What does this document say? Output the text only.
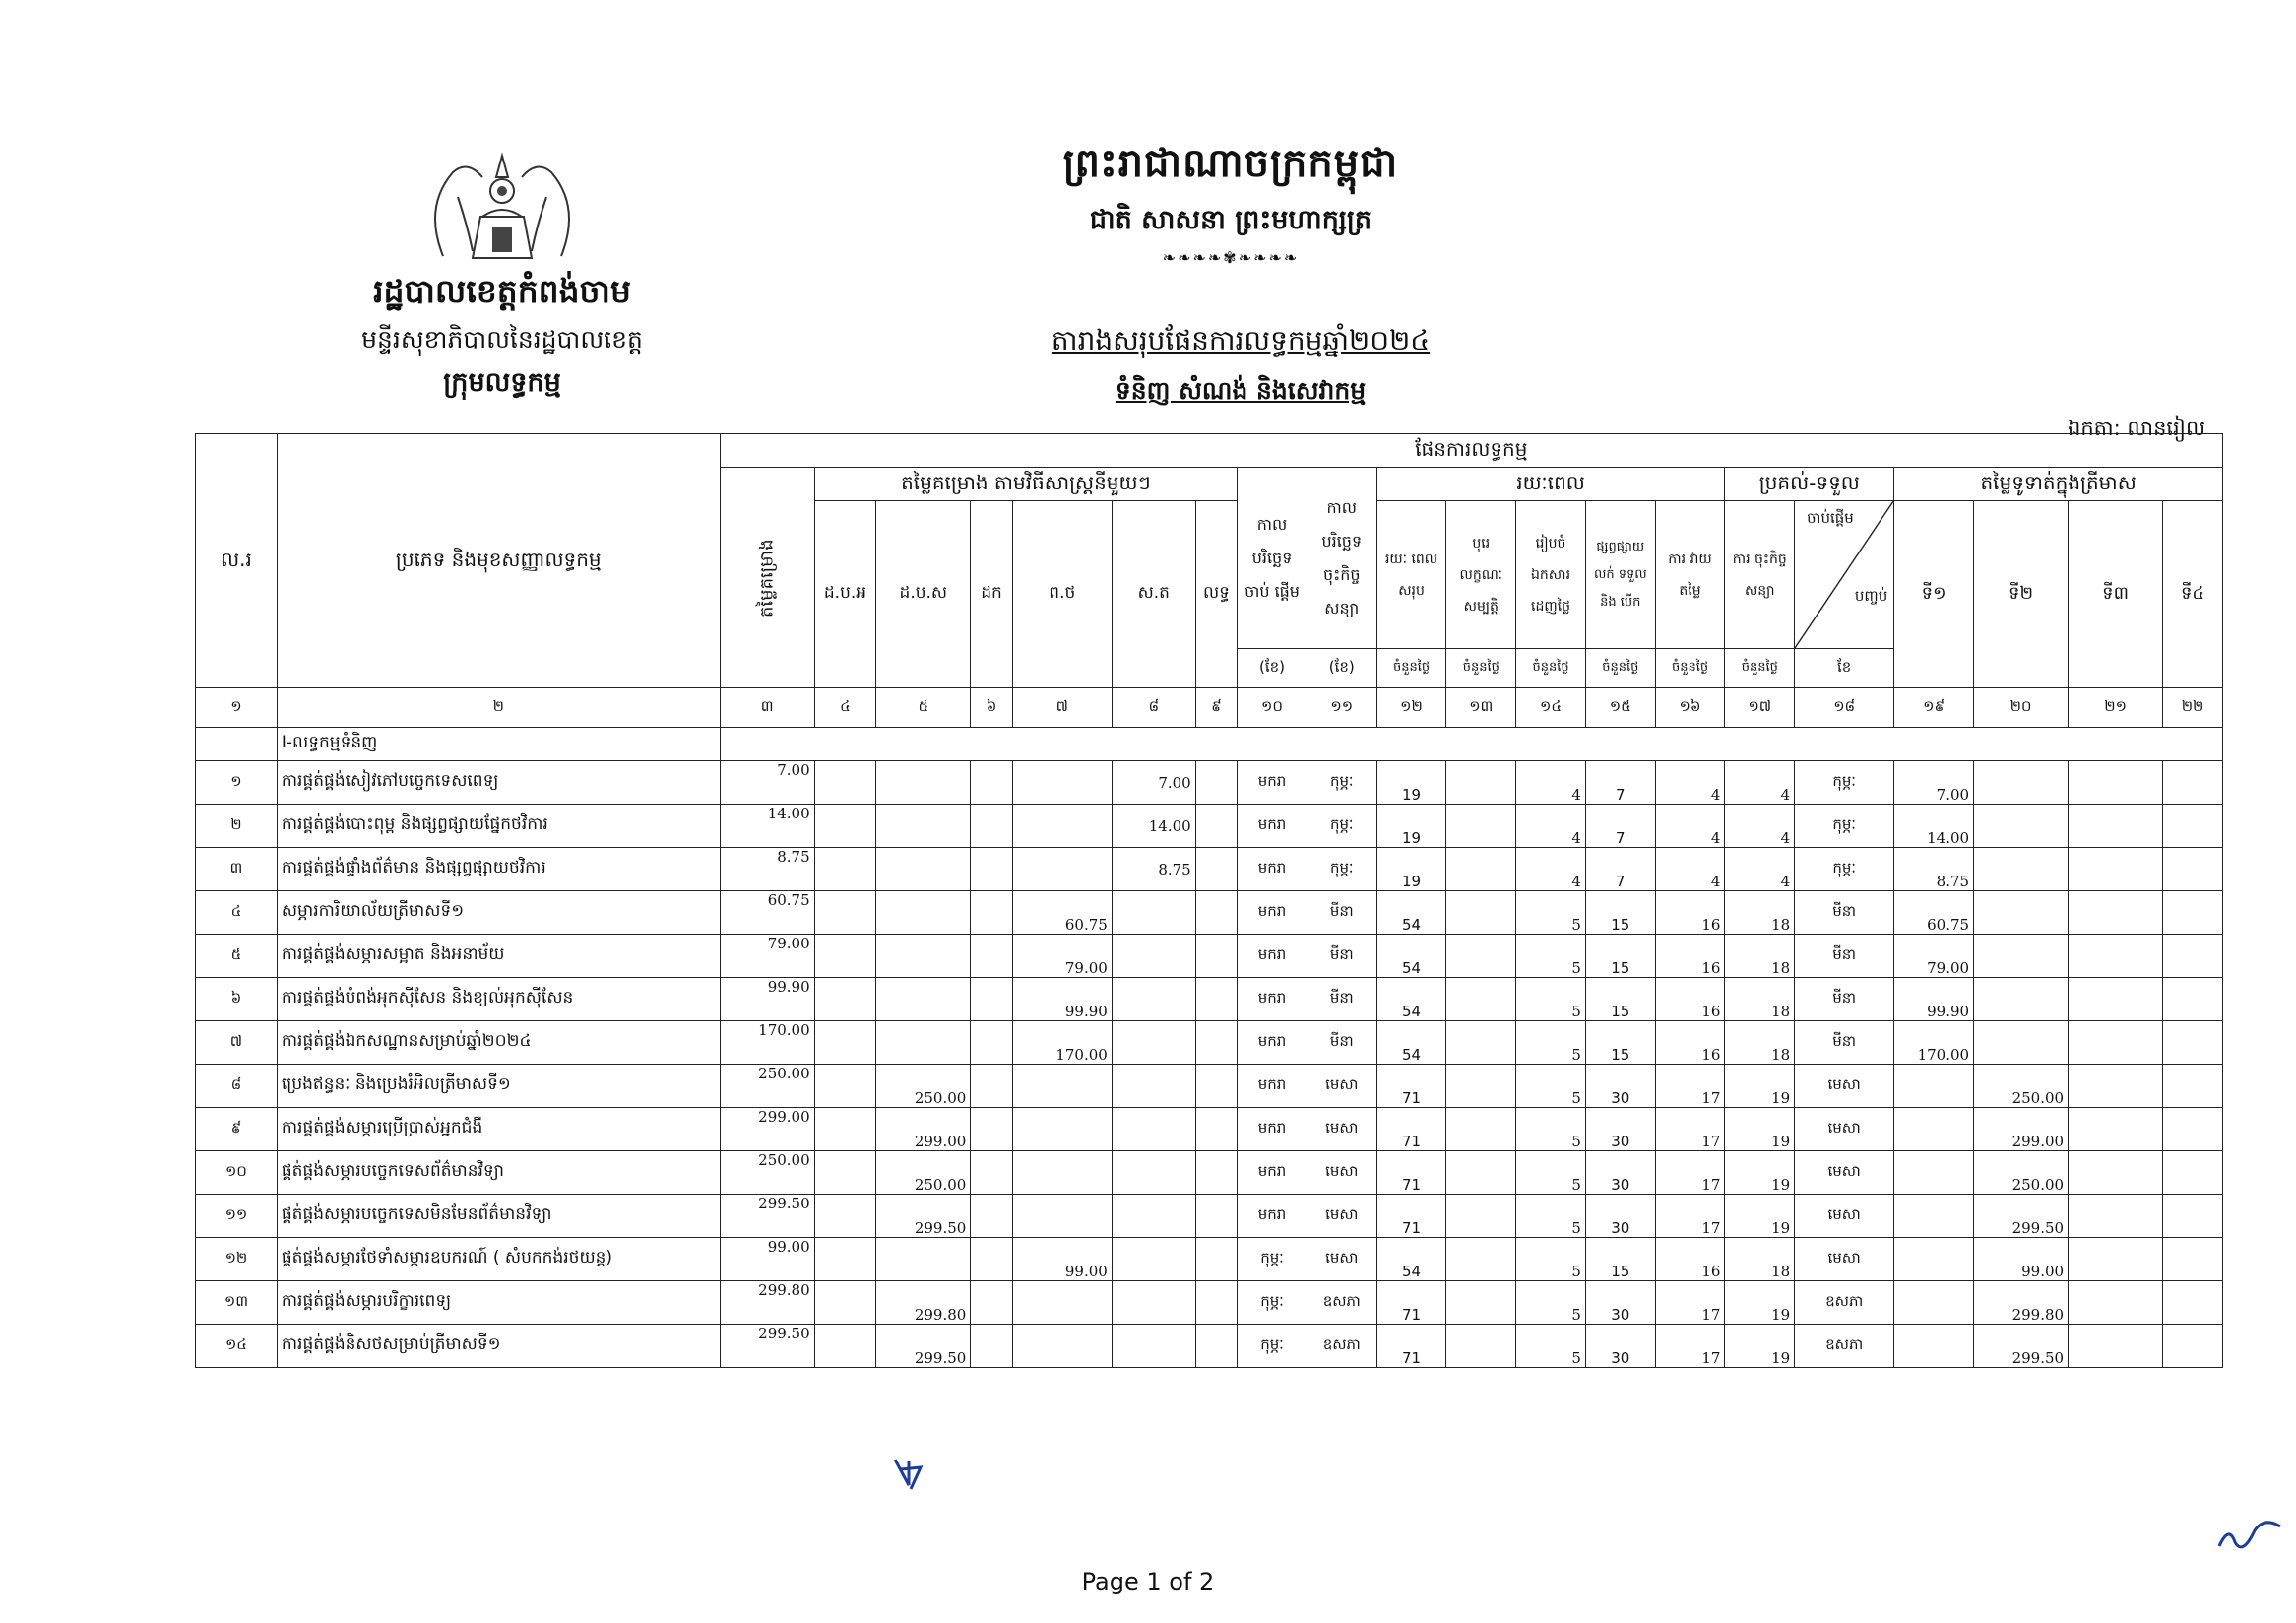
រដ្ឋបាលខេត្តកំពង់ចាម
មន្ទីរសុខាភិបាលនៃរដ្ឋបាលខេត្ត
ក្រុមលទ្ធកម្ម
ព្រះរាជាណាចក្រកម្ពុជា
ជាតិ សាសនា ព្រះមហាក្សត្រ
❧❧❧❧✾❧❧❧❧
តារាងសរុបផែនការលទ្ធកម្មឆ្នាំ២០២៤
ទំនិញ សំណង់ និងសេវាកម្ម
ឯកតា: លានរៀល
ល.រ	ប្រភេទ និងមុខសញ្ញាលទ្ធកម្ម	ផែនការលទ្ធកម្ម																			
		តម្លៃគម្រោង	តម្លៃគម្រោង តាមវិធីសាស្ត្រនីមួយៗ						កាល បរិច្ឆេទ ចាប់ ផ្តើម	កាល បរិច្ឆេទ ចុះកិច្ច សន្យា	រយៈពេល					ប្រគល់-ទទួល		តម្លៃទូទាត់ក្នុងត្រីមាស			
			ដ.ប.អ	ដ.ប.ស	ដក	ព.ថ	ស.ត	លទ្ធ			រយៈ ពេល សរុប	បុរេ លក្ខណៈ សម្បត្តិ	រៀបចំ ឯកសារ ដេញថ្លៃ	ផ្សព្វផ្សាយ លក់ ទទួល និង បើក	ការ វាយ តម្លៃ	ការ ចុះកិច្ច សន្យា	ចាប់ផ្តើម
បញ្ចប់	ទី១	ទី២	ទី៣	ទី៤
									(ខែ)	(ខែ)	ចំនួនថ្ងៃ	ចំនួនថ្ងៃ	ចំនួនថ្ងៃ	ចំនួនថ្ងៃ	ចំនួនថ្ងៃ	ចំនួនថ្ងៃ	ខែ				
១	២	៣	៤	៥	៦	៧	៨	៩	១០	១១	១២	១៣	១៤	១៥	១៦	១៧	១៨	១៩	២០	២១	២២
	I-លទ្ធកម្មទំនិញ																				
១	ការផ្គត់ផ្គង់សៀវភៅបច្ចេកទេសពេទ្យ	7.00					7.00		មករា	កុម្ភៈ	19		4	7	4	4	កុម្ភៈ	7.00			
២	ការផ្គត់ផ្គង់បោះពុម្ព និងផ្សព្វផ្សាយផ្នែកថវិការ	14.00					14.00		មករា	កុម្ភៈ	19		4	7	4	4	កុម្ភៈ	14.00			
៣	ការផ្គត់ផ្គង់ផ្ទាំងព័ត៌មាន និងផ្សព្វផ្សាយថវិការ	8.75					8.75		មករា	កុម្ភៈ	19		4	7	4	4	កុម្ភៈ	8.75			
៤	សម្ភារការិយាល័យត្រីមាសទី១	60.75				60.75			មករា	មីនា	54		5	15	16	18	មីនា	60.75			
៥	ការផ្គត់ផ្គង់សម្ភារសម្អាត និងអនាម័យ	79.00				79.00			មករា	មីនា	54		5	15	16	18	មីនា	79.00			
៦	ការផ្គត់ផ្គង់បំពង់អុកស៊ីសែន និងខ្យល់អុកស៊ីសែន	99.90				99.90			មករា	មីនា	54		5	15	16	18	មីនា	99.90			
៧	ការផ្គត់ផ្គង់ឯកសណ្ឋានសម្រាប់ឆ្នាំ២០២៤	170.00				170.00			មករា	មីនា	54		5	15	16	18	មីនា	170.00			
៨	ប្រេងឥន្ធនៈ និងប្រេងរំអិលត្រីមាសទី១	250.00		250.00					មករា	មេសា	71		5	30	17	19	មេសា		250.00		
៩	ការផ្គត់ផ្គង់សម្ភារប្រើប្រាស់អ្នកជំងឺ	299.00		299.00					មករា	មេសា	71		5	30	17	19	មេសា		299.00		
១០	ផ្គត់ផ្គង់សម្ភារបច្ចេកទេសព័ត៌មានវិទ្យា	250.00		250.00					មករា	មេសា	71		5	30	17	19	មេសា		250.00		
១១	ផ្គត់ផ្គង់សម្ភារបច្ចេកទេសមិនមែនព័ត៌មានវិទ្យា	299.50		299.50					មករា	មេសា	71		5	30	17	19	មេសា		299.50		
១២	ផ្គត់ផ្គង់សម្ភារថែទាំសម្ភារឧបករណ៍ ( សំបកកង់រថយន្ត)	99.00				99.00			កុម្ភៈ	មេសា	54		5	15	16	18	មេសា		99.00		
១៣	ការផ្គត់ផ្គង់សម្ភារបរិក្ខារពេទ្យ	299.80		299.80					កុម្ភៈ	ឧសភា	71		5	30	17	19	ឧសភា		299.80		
១៤	ការផ្គត់ផ្គង់និសថសម្រាប់ត្រីមាសទី១	299.50		299.50					កុម្ភៈ	ឧសភា	71		5	30	17	19	ឧសភា		299.50		
Page 1 of 2
